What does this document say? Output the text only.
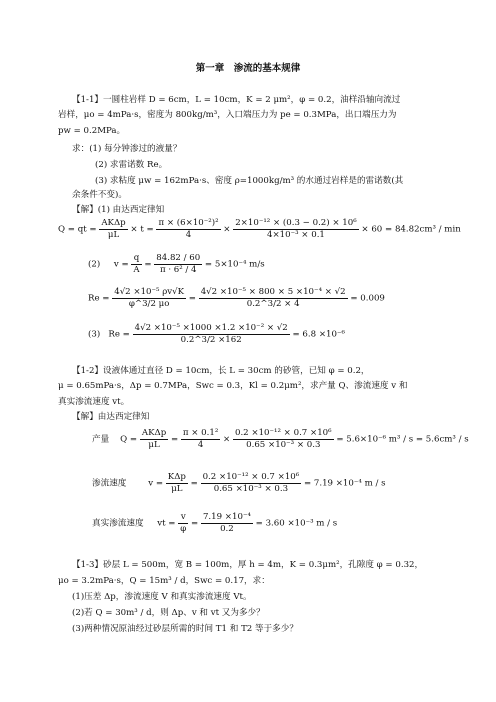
第一章　渗流的基本规律
【1-1】一圆柱岩样 D = 6cm，L = 10cm，K = 2 μm²，φ = 0.2，油样沿轴向流过
岩样，μo = 4mPa·s，密度为 800kg/m³，入口端压力为 pe = 0.3MPa，出口端压力为
pw = 0.2MPa。
求：(1) 每分钟渗过的液量？
(2) 求雷诺数 Re。
(3) 求粘度 μw = 162mPa·s、密度 ρ=1000kg/m³ 的水通过岩样是的雷诺数(其
余条件不变)。
【解】(1) 由达西定律知
Q = qt = $\frac{\text{AKΔp}}{\mu L} \times t = \frac{\text{π × (6×10⁻²)²}}{4} \times \frac{\text{2×10⁻¹² × (0.3 − 0.2) × 10⁶}}{\text{4×10⁻³ × 0.1}} \times 60 = 84.82cm^3 / \min$
(2) $v = \frac{q}{A} = \frac{84.82 / 60}{\text{π · 6² / 4}} = 5\times 10^{-4}$ m/s
$Re = \frac{\text{4√2 ×10⁻⁵ ρv√K}}{\varphi\^{}3/2 \mu o} = \frac{\text{4√2 ×10⁻⁵ × 800 × 5 ×10⁻⁴ × √2}}{0.2\^{}3/2 \times 4} = 0.009$
(3) $Re = \frac{\text{4√2 ×10⁻⁵ ×1000 ×1.2 ×10⁻² × √2}}{0.2\^{}3/2 \times 162} = 6.8 \times 10^{-6}$
【1-2】设液体通过直径 D = 10cm，长 L = 30cm 的砂管，已知 φ = 0.2，
μ = 0.65mPa·s，Δp = 0.7MPa，Swc = 0.3，Kl = 0.2μm²，求产量 Q、渗流速度 v 和
真实渗流速度 vt。
【解】由达西定律知
产量 $Q = \frac{\text{AKΔp}}{\mu L} = \frac{\text{π × 0.1²}}{4} \times \frac{\text{0.2 ×10⁻¹² × 0.7 ×10⁶}}{\text{0.65 ×10⁻³ × 0.3}} = 5.6\times 10^{-6}$ m³ / s = 5.6cm³ / s
渗流速度	$v = \frac{\text{KΔp}}{\mu L} = \frac{\text{0.2 ×10⁻¹² × 0.7 ×10⁶}}{\text{0.65 ×10⁻³ × 0.3}} = 7.19 \times 10^{-4}$ m / s
真实渗流速度 vt = $\frac{v}{\varphi} = \frac{\text{7.19 ×10⁻⁴}}{0.2} = 3.60 \times 10^{-3}$ m / s
【1-3】砂层 L = 500m，宽 B = 100m，厚 h = 4m，K = 0.3μm²，孔隙度 φ = 0.32，
μo = 3.2mPa·s，Q = 15m³ / d，Swc = 0.17，求：
(1)压差 Δp，渗流速度 V 和真实渗流速度 Vt。
(2)若 Q = 30m³ / d，则 Δp、v 和 vt 又为多少？
(3)两种情况原油经过砂层所需的时间 T1 和 T2 等于多少？
